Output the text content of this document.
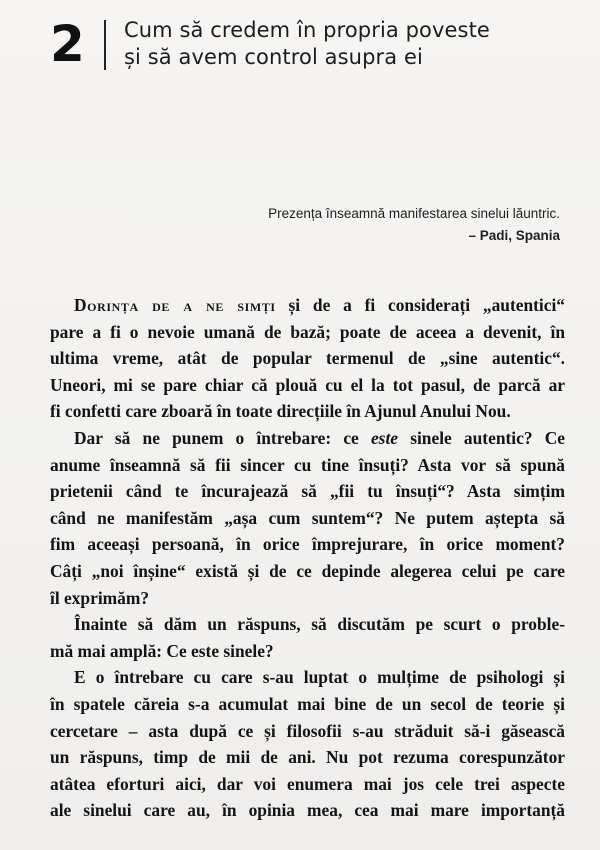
2 Cum să credem în propria poveste
și să avem control asupra ei
Prezența înseamnă manifestarea sinelui lăuntric.
– Padi, Spania
Dorința de a ne simți și de a fi considerați „autentici“
pare a fi o nevoie umană de bază; poate de aceea a devenit, în
ultima vreme, atât de popular termenul de „sine autentic“.
Uneori, mi se pare chiar că plouă cu el la tot pasul, de parcă ar
fi confetti care zboară în toate direcțiile în Ajunul Anului Nou.
Dar să ne punem o întrebare: ce este sinele autentic? Ce
anume înseamnă să fii sincer cu tine însuți? Asta vor să spună
prietenii când te încurajează să „fii tu însuți“? Asta simțim
când ne manifestăm „așa cum suntem“? Ne putem aștepta să
fim aceeași persoană, în orice împrejurare, în orice moment?
Câți „noi înșine“ există și de ce depinde alegerea celui pe care
îl exprimăm?
Înainte să dăm un răspuns, să discutăm pe scurt o proble-
mă mai amplă: Ce este sinele?
E o întrebare cu care s-au luptat o mulțime de psihologi și
în spatele căreia s-a acumulat mai bine de un secol de teorie și
cercetare – asta după ce și filosofii s-au străduit să-i găsească
un răspuns, timp de mii de ani. Nu pot rezuma corespunzător
atâtea eforturi aici, dar voi enumera mai jos cele trei aspecte
ale sinelui care au, în opinia mea, cea mai mare importanță
